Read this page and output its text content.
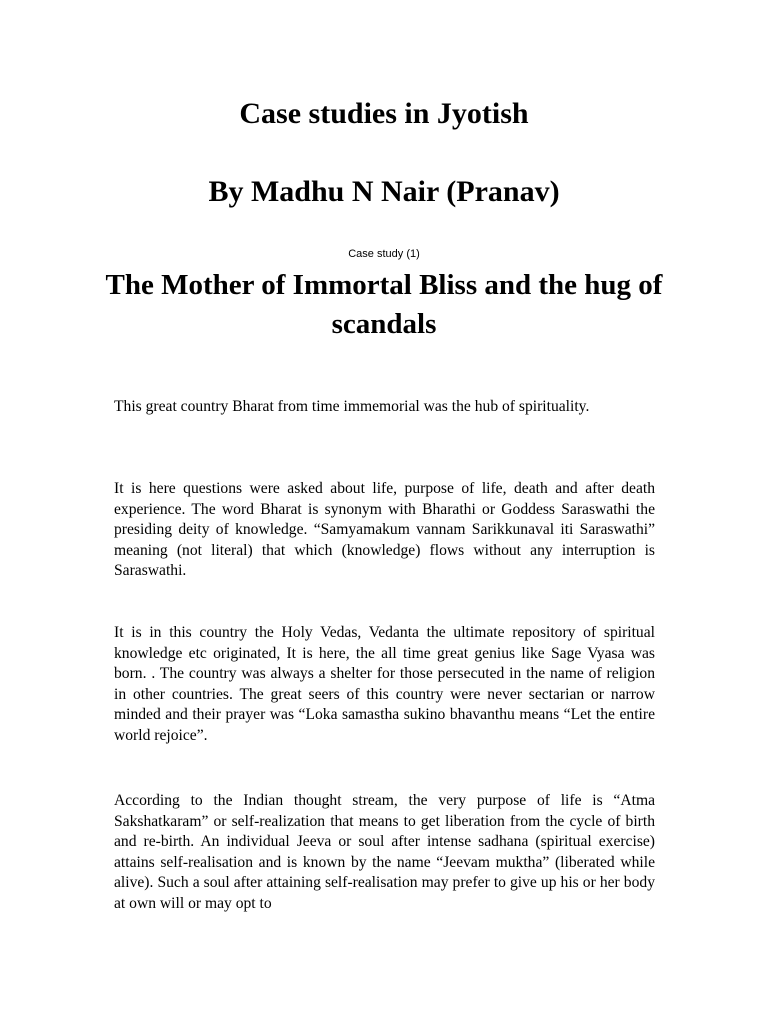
Case studies in Jyotish
By Madhu N Nair (Pranav)
Case study (1)
The Mother of Immortal Bliss and the hug of scandals

This great country Bharat from time immemorial was the hub of spirituality.

It is here questions were asked about life, purpose of life, death and after death experience. The word Bharat is synonym with Bharathi or Goddess Saraswathi the presiding deity of knowledge. “Samyamakum vannam Sarikkunaval iti Saraswathi” meaning (not literal) that which (knowledge) flows without any interruption is Saraswathi.

It is in this country the Holy Vedas, Vedanta the ultimate repository of spiritual knowledge etc originated, It is here, the all time great genius like Sage Vyasa was born. . The country was always a shelter for those persecuted in the name of religion in other countries. The great seers of this country were never sectarian or narrow minded and their prayer was “Loka samastha sukino bhavanthu means “Let the entire world rejoice”.

According to the Indian thought stream, the very purpose of life is “Atma Sakshatkaram” or self-realization that means to get liberation from the cycle of birth and re-birth. An individual Jeeva or soul after intense sadhana (spiritual exercise) attains self-realisation and is known by the name “Jeevam muktha” (liberated while alive). Such a soul after attaining self-realisation may prefer to give up his or her body at own will or may opt to
